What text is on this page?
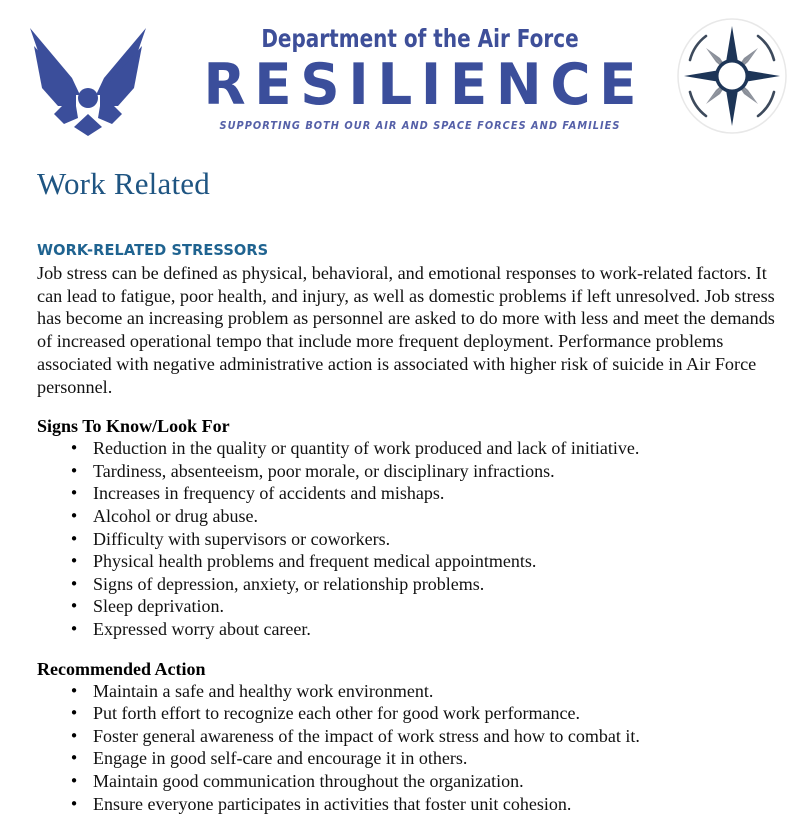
Department of the Air Force
RESILIENCE
SUPPORTING BOTH OUR AIR AND SPACE FORCES AND FAMILIES
Work Related
WORK-RELATED STRESSORS

Job stress can be defined as physical, behavioral, and emotional responses to work-related factors. It can lead to fatigue, poor health, and injury, as well as domestic problems if left unresolved. Job stress has become an increasing problem as personnel are asked to do more with less and meet the demands of increased operational tempo that include more frequent deployment. Performance problems associated with negative administrative action is associated with higher risk of suicide in Air Force personnel.

Signs To Know/Look For
• Reduction in the quality or quantity of work produced and lack of initiative.
• Tardiness, absenteeism, poor morale, or disciplinary infractions.
• Increases in frequency of accidents and mishaps.
• Alcohol or drug abuse.
• Difficulty with supervisors or coworkers.
• Physical health problems and frequent medical appointments.
• Signs of depression, anxiety, or relationship problems.
• Sleep deprivation.
• Expressed worry about career.
Recommended Action
• Maintain a safe and healthy work environment.
• Put forth effort to recognize each other for good work performance.
• Foster general awareness of the impact of work stress and how to combat it.
• Engage in good self-care and encourage it in others.
• Maintain good communication throughout the organization.
• Ensure everyone participates in activities that foster unit cohesion.
